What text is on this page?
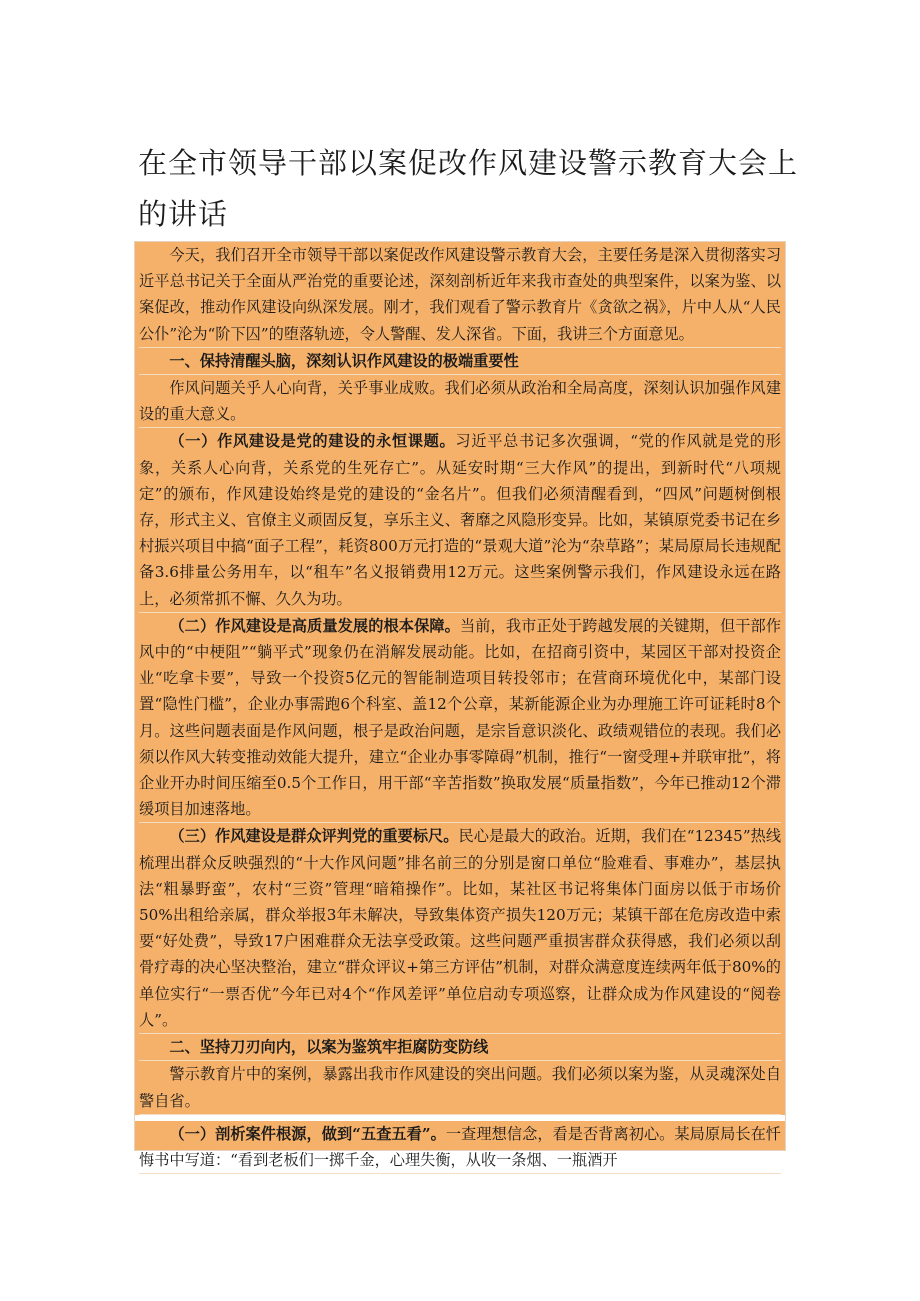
在全市领导干部以案促改作风建设警示教育大会上的讲话

今天，我们召开全市领导干部以案促改作风建设警示教育大会，主要任务是深入贯彻落实习近平总书记关于全面从严治党的重要论述，深刻剖析近年来我市查处的典型案件，以案为鉴、以案促改，推动作风建设向纵深发展。刚才，我们观看了警示教育片《贪欲之祸》，片中人从“人民公仆”沦为“阶下囚”的堕落轨迹，令人警醒、发人深省。下面，我讲三个方面意见。

一、保持清醒头脑，深刻认识作风建设的极端重要性

作风问题关乎人心向背，关乎事业成败。我们必须从政治和全局高度，深刻认识加强作风建设的重大意义。

（一）作风建设是党的建设的永恒课题。习近平总书记多次强调，“党的作风就是党的形象，关系人心向背，关系党的生死存亡”。从延安时期“三大作风”的提出，到新时代“八项规定”的颁布，作风建设始终是党的建设的“金名片”。但我们必须清醒看到，“四风”问题树倒根存，形式主义、官僚主义顽固反复，享乐主义、奢靡之风隐形变异。比如，某镇原党委书记在乡村振兴项目中搞“面子工程”，耗资800万元打造的“景观大道”沦为“杂草路”；某局原局长违规配备3.6排量公务用车，以“租车”名义报销费用12万元。这些案例警示我们，作风建设永远在路上，必须常抓不懈、久久为功。

（二）作风建设是高质量发展的根本保障。当前，我市正处于跨越发展的关键期，但干部作风中的“中梗阻”“躺平式”现象仍在消解发展动能。比如，在招商引资中，某园区干部对投资企业“吃拿卡要”，导致一个投资5亿元的智能制造项目转投邻市；在营商环境优化中，某部门设置“隐性门槛”，企业办事需跑6个科室、盖12个公章，某新能源企业为办理施工许可证耗时8个月。这些问题表面是作风问题，根子是政治问题，是宗旨意识淡化、政绩观错位的表现。我们必须以作风大转变推动效能大提升，建立“企业办事零障碍”机制，推行“一窗受理+并联审批”，将企业开办时间压缩至0.5个工作日，用干部“辛苦指数”换取发展“质量指数”，今年已推动12个滞缓项目加速落地。

（三）作风建设是群众评判党的重要标尺。民心是最大的政治。近期，我们在“12345”热线梳理出群众反映强烈的“十大作风问题”排名前三的分别是窗口单位“脸难看、事难办”，基层执法“粗暴野蛮”，农村“三资”管理“暗箱操作”。比如，某社区书记将集体门面房以低于市场价50%出租给亲属，群众举报3年未解决，导致集体资产损失120万元；某镇干部在危房改造中索要“好处费”，导致17户困难群众无法享受政策。这些问题严重损害群众获得感，我们必须以刮骨疗毒的决心坚决整治，建立“群众评议+第三方评估”机制，对群众满意度连续两年低于80%的单位实行“一票否优”今年已对4个“作风差评”单位启动专项巡察，让群众成为作风建设的“阅卷人”。

二、坚持刀刃向内，以案为鉴筑牢拒腐防变防线

警示教育片中的案例，暴露出我市作风建设的突出问题。我们必须以案为鉴，从灵魂深处自警自省。

（一）剖析案件根源，做到“五查五看”。一查理想信念，看是否背离初心。某局原局长在忏悔书中写道：“看到老板们一掷千金，心理失衡，从收一条烟、一瓶酒开
